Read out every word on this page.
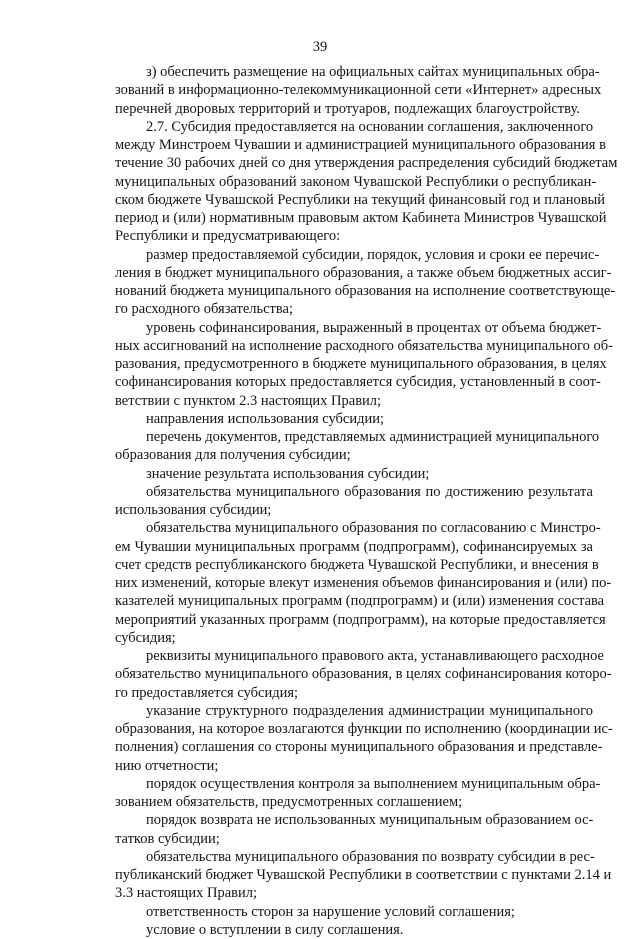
39
з) обеспечить размещение на официальных сайтах муниципальных обра-
зований в информационно-телекоммуникационной сети «Интернет» адресных
перечней дворовых территорий и тротуаров, подлежащих благоустройству.
2.7. Субсидия предоставляется на основании соглашения, заключенного
между Минстроем Чувашии и администрацией муниципального образования в
течение 30 рабочих дней со дня утверждения распределения субсидий бюджетам
муниципальных образований законом Чувашской Республики о республикан-
ском бюджете Чувашской Республики на текущий финансовый год и плановый
период и (или) нормативным правовым актом Кабинета Министров Чувашской
Республики и предусматривающего:
размер предоставляемой субсидии, порядок, условия и сроки ее перечис-
ления в бюджет муниципального образования, а также объем бюджетных ассиг-
нований бюджета муниципального образования на исполнение соответствующе-
го расходного обязательства;
уровень софинансирования, выраженный в процентах от объема бюджет-
ных ассигнований на исполнение расходного обязательства муниципального об-
разования, предусмотренного в бюджете муниципального образования, в целях
софинансирования которых предоставляется субсидия, установленный в соот-
ветствии с пунктом 2.3 настоящих Правил;
направления использования субсидии;
перечень документов, представляемых администрацией муниципального
образования для получения субсидии;
значение результата использования субсидии;
обязательства муниципального образования по достижению результата
использования субсидии;
обязательства муниципального образования по согласованию с Минстро-
ем Чувашии муниципальных программ (подпрограмм), софинансируемых за
счет средств республиканского бюджета Чувашской Республики, и внесения в
них изменений, которые влекут изменения объемов финансирования и (или) по-
казателей муниципальных программ (подпрограмм) и (или) изменения состава
мероприятий указанных программ (подпрограмм), на которые предоставляется
субсидия;
реквизиты муниципального правового акта, устанавливающего расходное
обязательство муниципального образования, в целях софинансирования которо-
го предоставляется субсидия;
указание структурного подразделения администрации муниципального
образования, на которое возлагаются функции по исполнению (координации ис-
полнения) соглашения со стороны муниципального образования и представле-
нию отчетности;
порядок осуществления контроля за выполнением муниципальным обра-
зованием обязательств, предусмотренных соглашением;
порядок возврата не использованных муниципальным образованием ос-
татков субсидии;
обязательства муниципального образования по возврату субсидии в рес-
публиканский бюджет Чувашской Республики в соответствии с пунктами 2.14 и
3.3 настоящих Правил;
ответственность сторон за нарушение условий соглашения;
условие о вступлении в силу соглашения.
